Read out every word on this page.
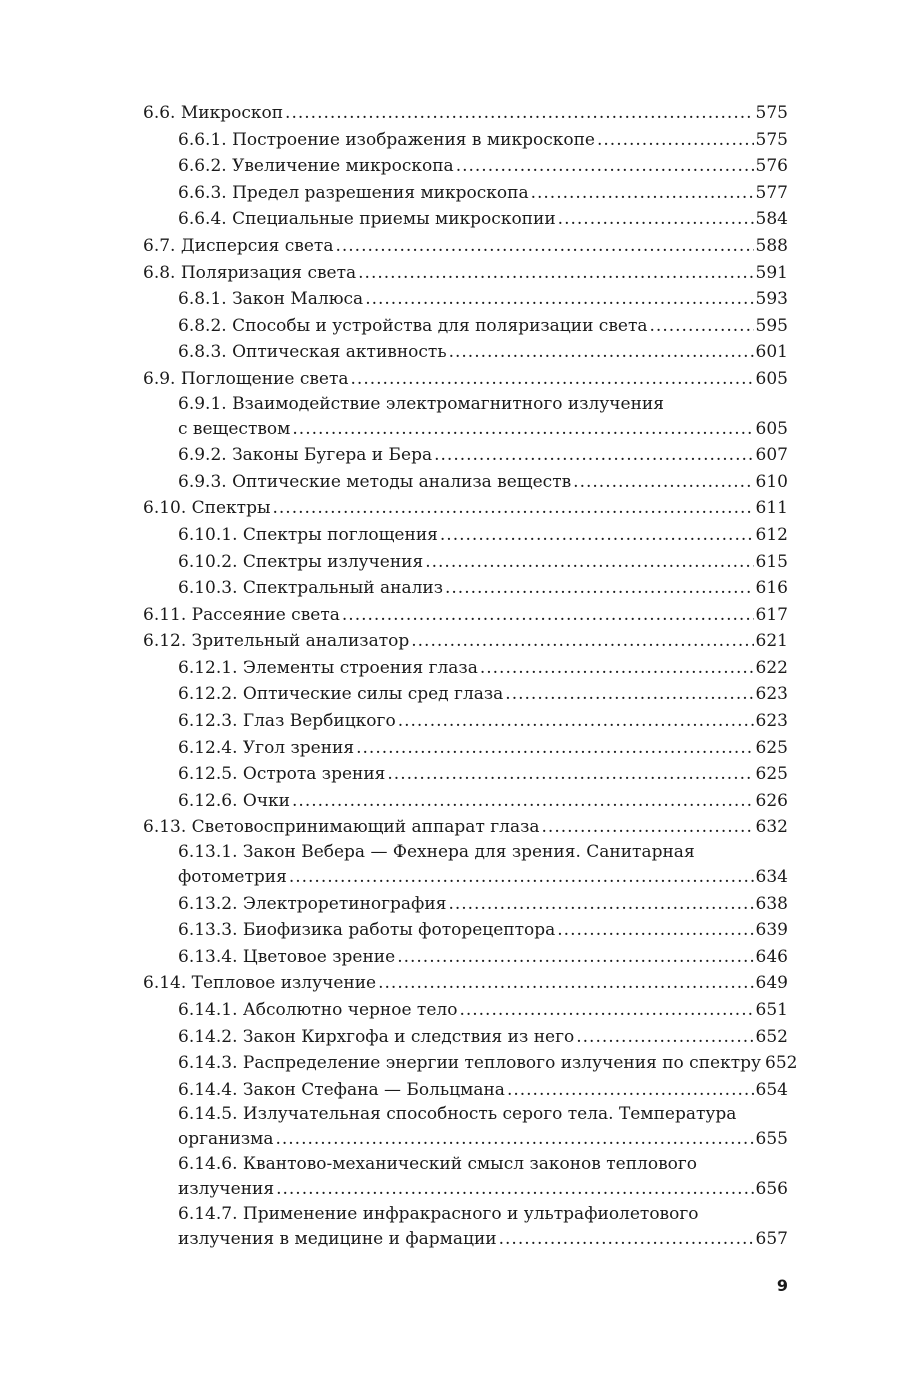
6.6. Микроскоп .....	575
6.6.1. Построение изображения в микроскопе .....	575
6.6.2. Увеличение микроскопа .....	576
6.6.3. Предел разрешения микроскопа .....	577
6.6.4. Специальные приемы микроскопии .....	584
6.7. Дисперсия света .....	588
6.8. Поляризация света .....	591
6.8.1. Закон Малюса .....	593
6.8.2. Способы и устройства для поляризации света .....	595
6.8.3. Оптическая активность .....	601
6.9. Поглощение света .....	605
6.9.1. Взаимодействие электромагнитного излучения
с веществом .....	605
6.9.2. Законы Бугера и Бера .....	607
6.9.3. Оптические методы анализа веществ .....	610
6.10. Спектры .....	611
6.10.1. Спектры поглощения .....	612
6.10.2. Спектры излучения .....	615
6.10.3. Спектральный анализ .....	616
6.11. Рассеяние света .....	617
6.12. Зрительный анализатор .....	621
6.12.1. Элементы строения глаза .....	622
6.12.2. Оптические силы сред глаза .....	623
6.12.3. Глаз Вербицкого .....	623
6.12.4. Угол зрения .....	625
6.12.5. Острота зрения .....	625
6.12.6. Очки .....	626
6.13. Световоспринимающий аппарат глаза .....	632
6.13.1. Закон Вебера — Фехнера для зрения. Санитарная
фотометрия .....	634
6.13.2. Электроретинография .....	638
6.13.3. Биофизика работы фоторецептора .....	639
6.13.4. Цветовое зрение .....	646
6.14. Тепловое излучение .....	649
6.14.1. Абсолютно черное тело .....	651
6.14.2. Закон Кирхгофа и следствия из него .....	652
6.14.3. Распределение энергии теплового излучения по спектру 652
6.14.4. Закон Стефана — Больцмана .....	654
6.14.5. Излучательная способность серого тела. Температура
организма .....	655
6.14.6. Квантово-механический смысл законов теплового
излучения .....	656
6.14.7. Применение инфракрасного и ультрафиолетового
излучения в медицине и фармации .....	657
9
